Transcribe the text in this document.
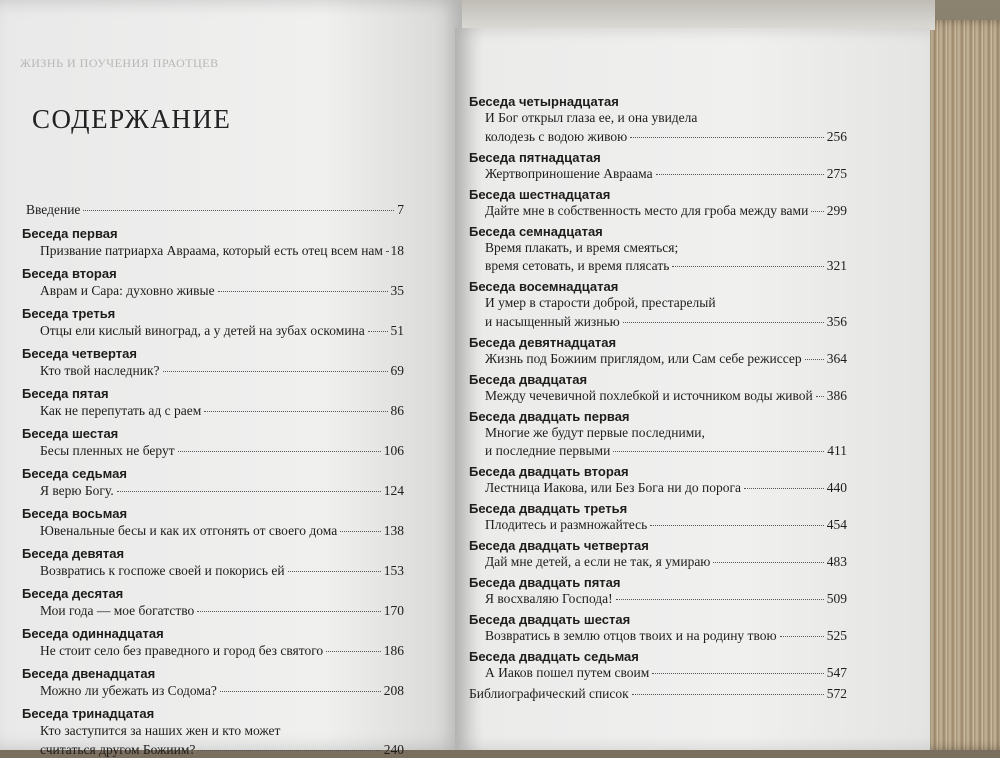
ЖИЗНЬ И ПОУЧЕНИЯ ПРАОТЦЕВ
СОДЕРЖАНИЕ
Введение	7
Беседа первая
Призвание патриарха Авраама, который есть отец всем нам 18
Беседа вторая
Аврам и Сара: духовно живые	35
Беседа третья
Отцы ели кислый виноград, а у детей на зубах оскомина 51
Беседа четвертая
Кто твой наследник?	69
Беседа пятая
Как не перепутать ад с раем	86
Беседа шестая
Бесы пленных не берут	106
Беседа седьмая
Я верю Богу.	124
Беседа восьмая
Ювенальные бесы и как их отгонять от своего дома	138
Беседа девятая
Возвратись к госпоже своей и покорись ей	153
Беседа десятая
Мои года — мое богатство	170
Беседа одиннадцатая
Не стоит село без праведного и город без святого	186
Беседа двенадцатая
Можно ли убежать из Содома?	208
Беседа тринадцатая
Кто заступится за наших жен и кто может
считаться другом Божиим?	240
Беседа четырнадцатая
И Бог открыл глаза ее, и она увидела
колодезь с водою живою	256
Беседа пятнадцатая
Жертвоприношение Авраама	275
Беседа шестнадцатая
Дайте мне в собственность место для гроба между вами 299
Беседа семнадцатая
Время плакать, и время смеяться;
время сетовать, и время плясать	321
Беседа восемнадцатая
И умер в старости доброй, престарелый
и насыщенный жизнью	356
Беседа девятнадцатая
Жизнь под Божиим приглядом, или Сам себе режиссер 364
Беседа двадцатая
Между чечевичной похлебкой и источником воды живой 386
Беседа двадцать первая
Многие же будут первые последними,
и последние первыми	411
Беседа двадцать вторая
Лестница Иакова, или Без Бога ни до порога	440
Беседа двадцать третья
Плодитесь и размножайтесь	454
Беседа двадцать четвертая
Дай мне детей, а если не так, я умираю	483
Беседа двадцать пятая
Я восхваляю Господа!	509
Беседа двадцать шестая
Возвратись в землю отцов твоих и на родину твою	525
Беседа двадцать седьмая
А Иаков пошел путем своим	547
Библиографический список	572
